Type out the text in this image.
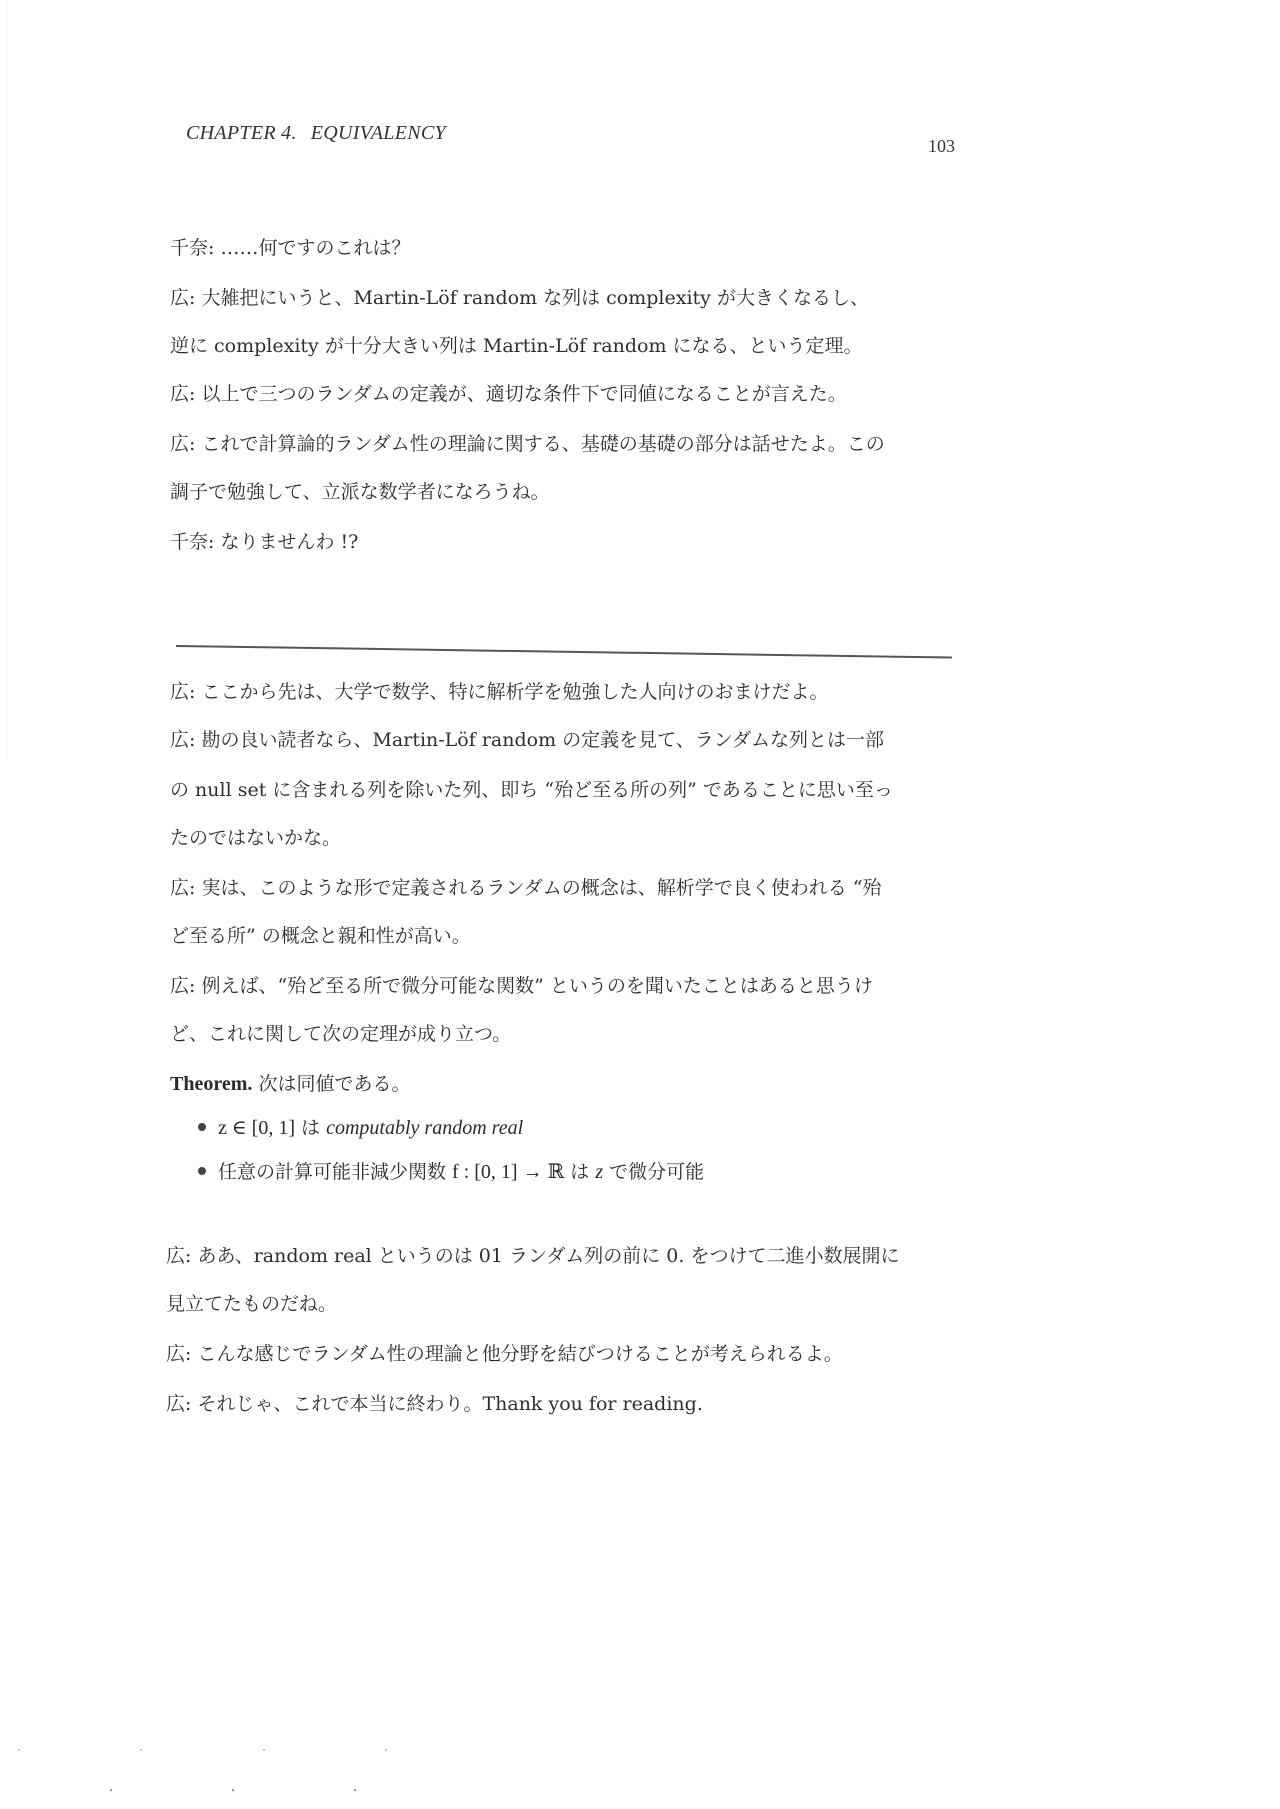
CHAPTER 4. EQUIVALENCY
103
千奈: ……何ですのこれは？
広: 大雑把にいうと、Martin-Löf random な列は complexity が大きくなるし、
逆に complexity が十分大きい列は Martin-Löf random になる、という定理。
広: 以上で三つのランダムの定義が、適切な条件下で同値になることが言えた。
広: これで計算論的ランダム性の理論に関する、基礎の基礎の部分は話せたよ。この
調子で勉強して、立派な数学者になろうね。
千奈: なりませんわ !?
広: ここから先は、大学で数学、特に解析学を勉強した人向けのおまけだよ。
広: 勘の良い読者なら、Martin-Löf random の定義を見て、ランダムな列とは一部
の null set に含まれる列を除いた列、即ち “殆ど至る所の列” であることに思い至っ
たのではないかな。
広: 実は、このような形で定義されるランダムの概念は、解析学で良く使われる “殆
ど至る所” の概念と親和性が高い。
広: 例えば、“殆ど至る所で微分可能な関数” というのを聞いたことはあると思うけ
ど、これに関して次の定理が成り立つ。
Theorem. 次は同値である。
z ∈ [0, 1] は computably random real
任意の計算可能非減少関数 f : [0, 1] → ℝ は z で微分可能
広: ああ、random real というのは 01 ランダム列の前に 0. をつけて二進小数展開に
見立てたものだね。
広: こんな感じでランダム性の理論と他分野を結びつけることが考えられるよ。
広: それじゃ、これで本当に終わり。Thank you for reading.
